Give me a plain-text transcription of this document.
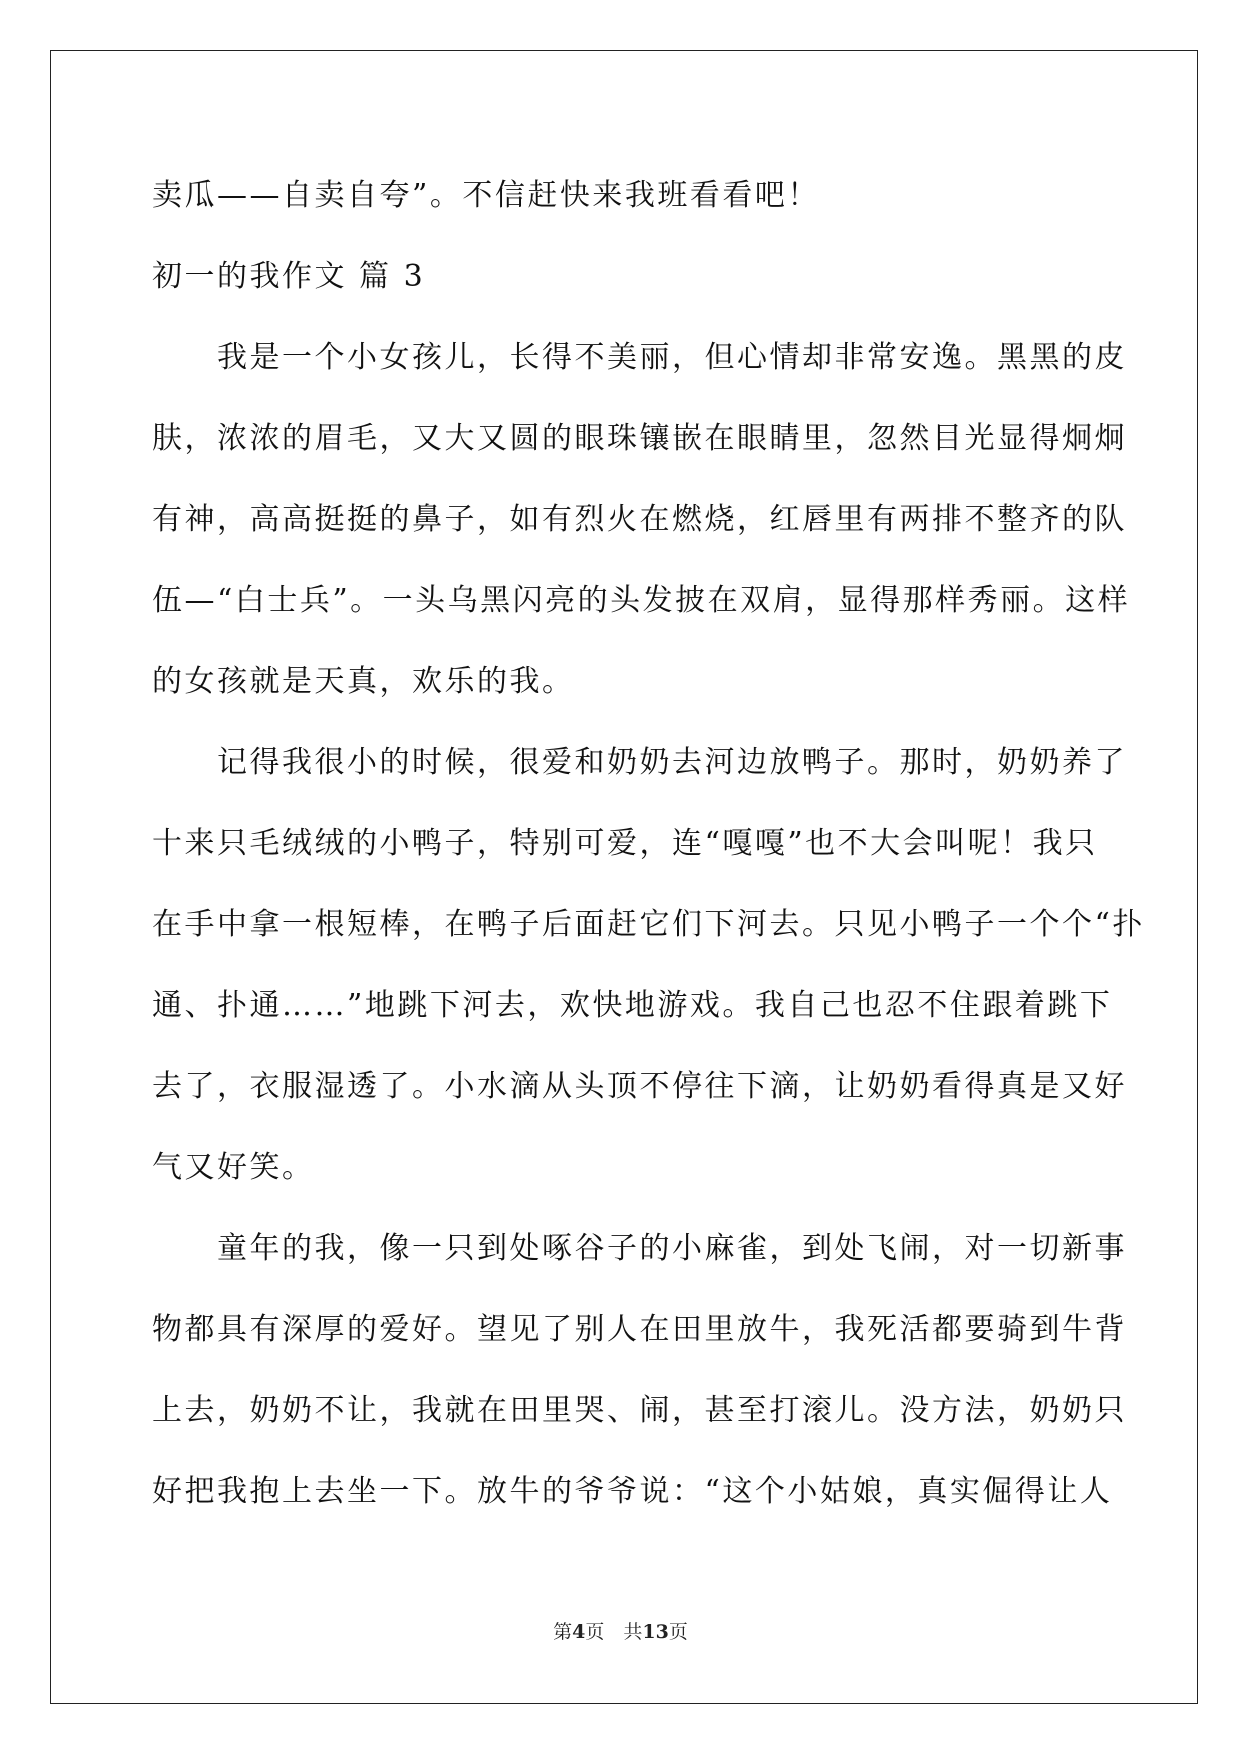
卖瓜——自卖自夸”。不信赶快来我班看看吧！
初一的我作文 篇 3
　　我是一个小女孩儿，长得不美丽，但心情却非常安逸。黑黑的皮
肤，浓浓的眉毛，又大又圆的眼珠镶嵌在眼睛里，忽然目光显得炯炯
有神，高高挺挺的鼻子，如有烈火在燃烧，红唇里有两排不整齐的队
伍—“白士兵”。一头乌黑闪亮的头发披在双肩，显得那样秀丽。这样
的女孩就是天真，欢乐的我。
　　记得我很小的时候，很爱和奶奶去河边放鸭子。那时，奶奶养了
十来只毛绒绒的小鸭子，特别可爱，连“嘎嘎”也不大会叫呢！我只
在手中拿一根短棒，在鸭子后面赶它们下河去。只见小鸭子一个个“扑
通、扑通……”地跳下河去，欢快地游戏。我自己也忍不住跟着跳下
去了，衣服湿透了。小水滴从头顶不停往下滴，让奶奶看得真是又好
气又好笑。
　　童年的我，像一只到处啄谷子的小麻雀，到处飞闹，对一切新事
物都具有深厚的爱好。望见了别人在田里放牛，我死活都要骑到牛背
上去，奶奶不让，我就在田里哭、闹，甚至打滚儿。没方法，奶奶只
好把我抱上去坐一下。放牛的爷爷说：“这个小姑娘，真实倔得让人
第4页　共13页
